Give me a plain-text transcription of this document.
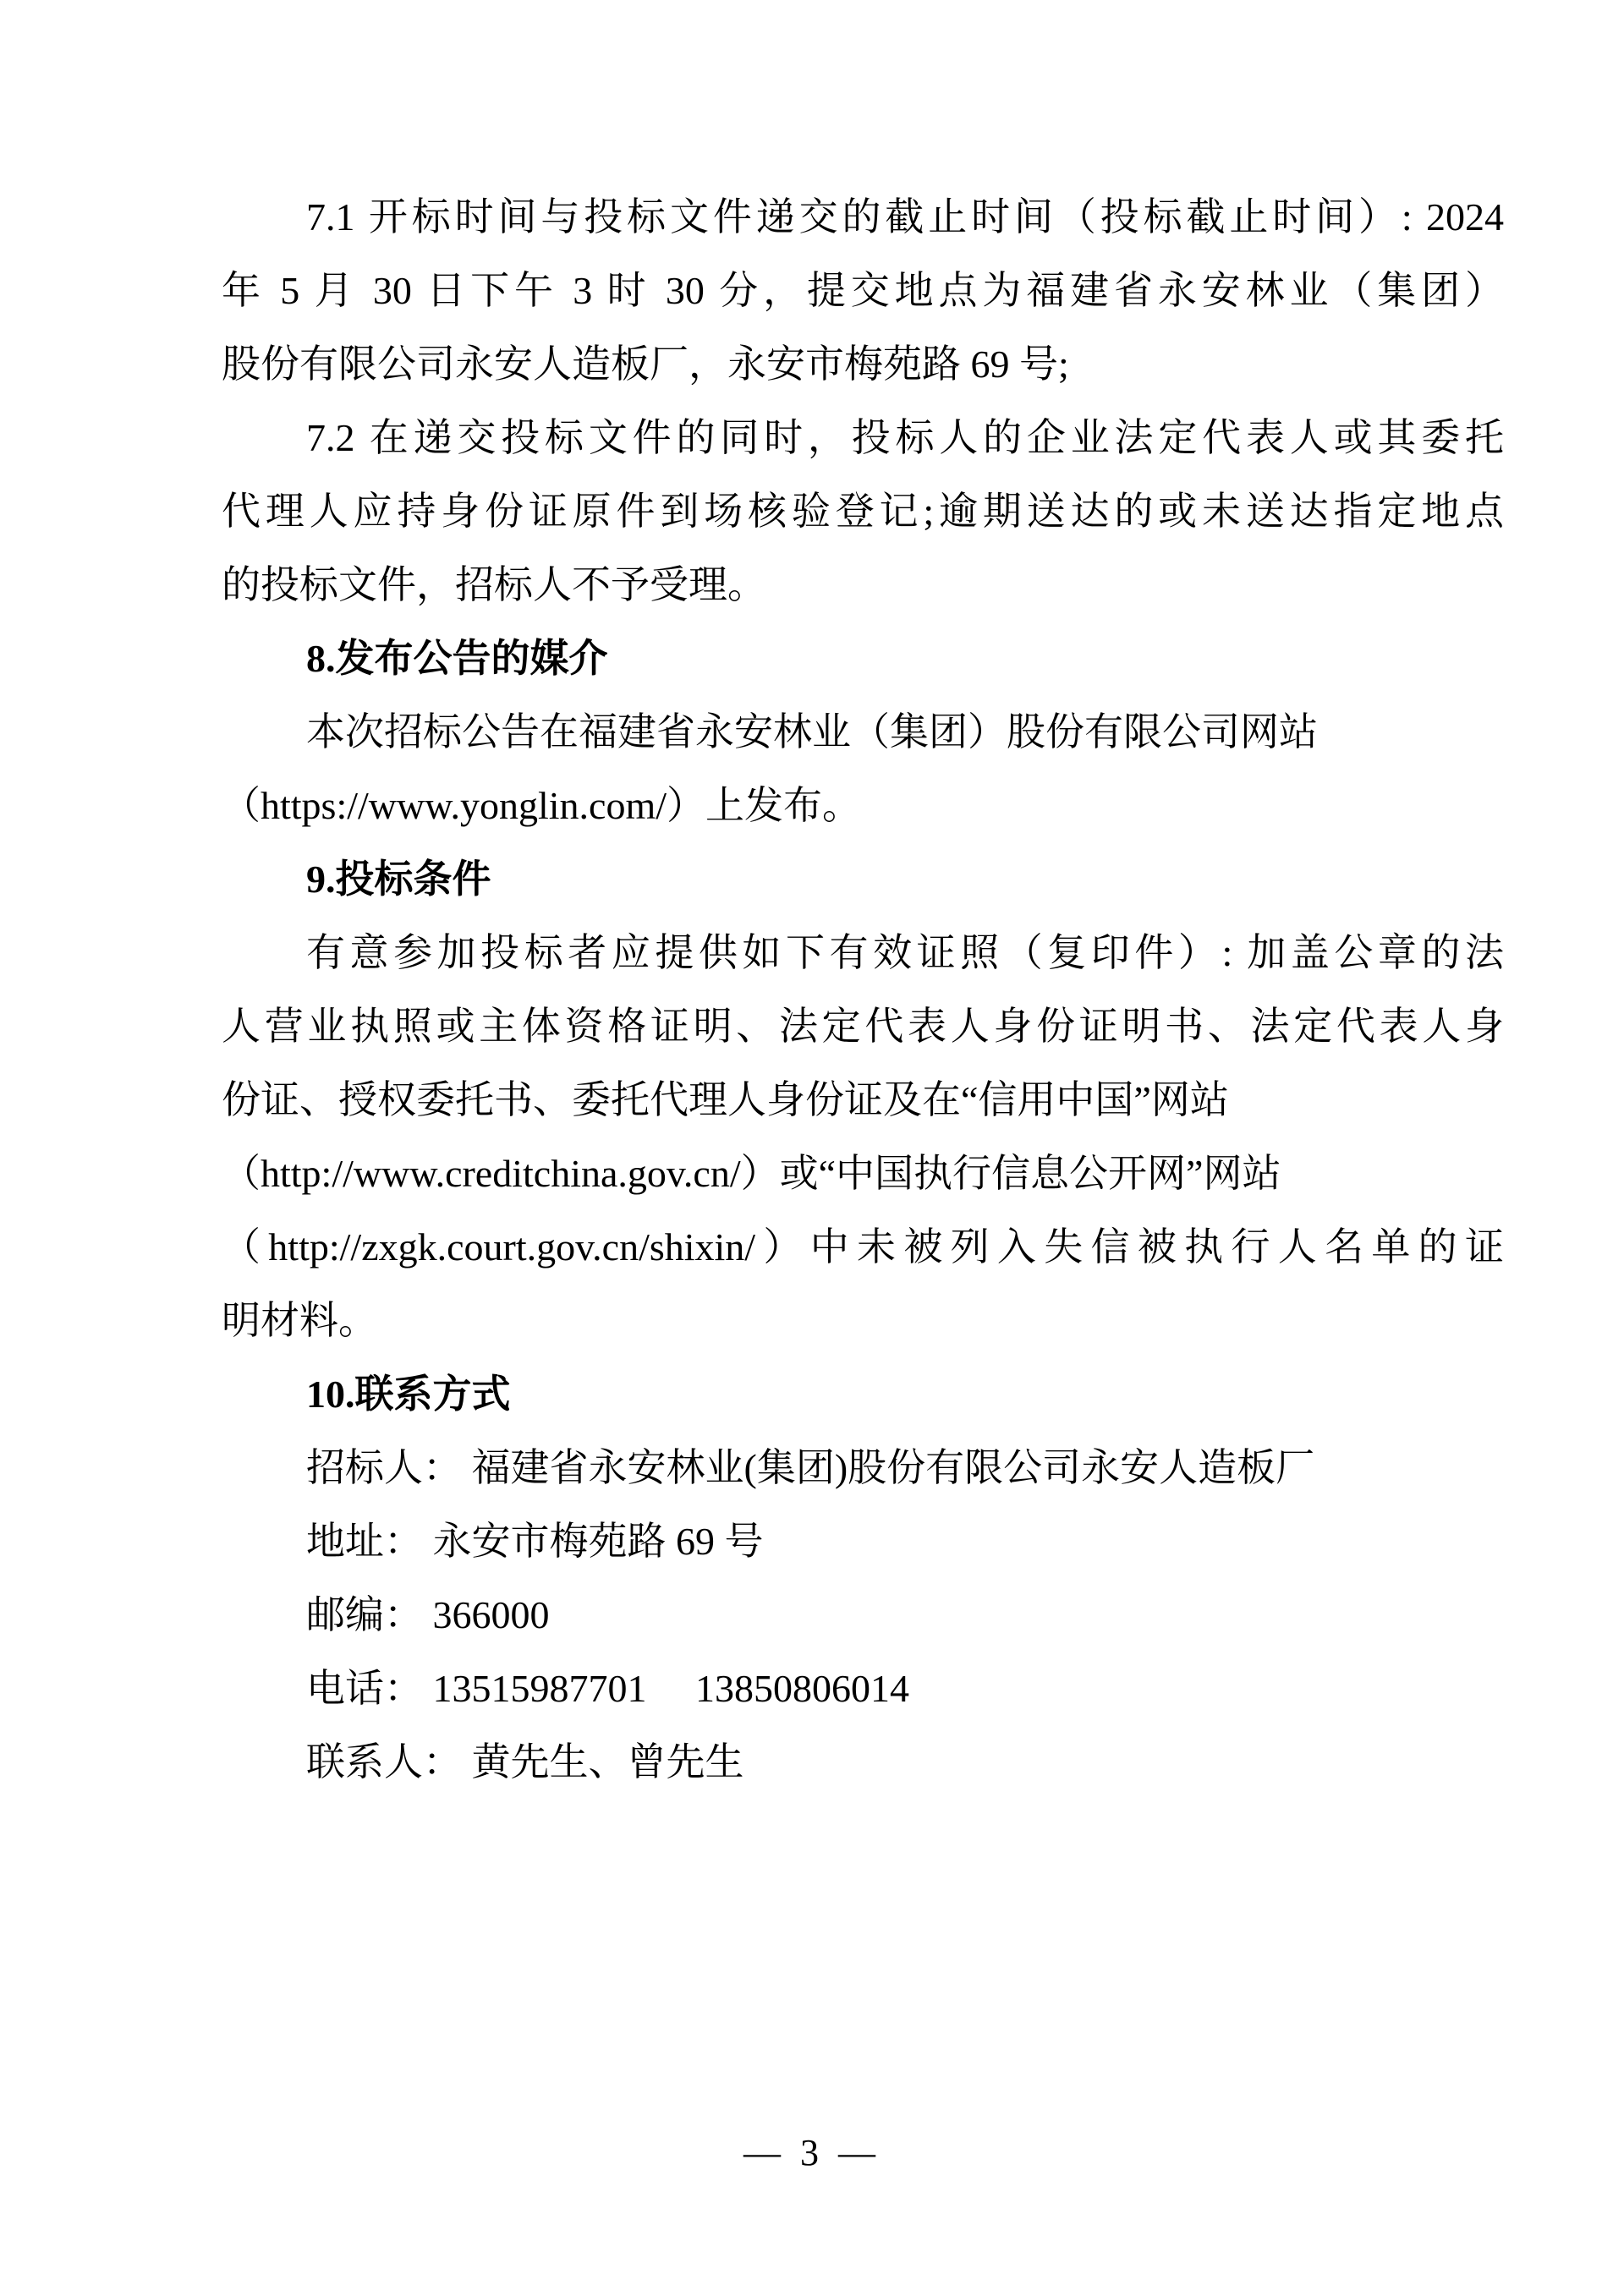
7.1 开标时间与投标文件递交的截止时间（投标截止时间）: 2024
年 5 月 30 日下午 3 时 30 分，提交地点为福建省永安林业（集团）
股份有限公司永安人造板厂，永安市梅苑路 69 号;
7.2 在递交投标文件的同时，投标人的企业法定代表人或其委托
代理人应持身份证原件到场核验登记;逾期送达的或未送达指定地点
的投标文件，招标人不予受理。
8.发布公告的媒介
本次招标公告在福建省永安林业（集团）股份有限公司网站
（https://www.yonglin.com/）上发布。
9.投标条件
有意参加投标者应提供如下有效证照（复印件）: 加盖公章的法
人营业执照或主体资格证明、法定代表人身份证明书、法定代表人身
份证、授权委托书、委托代理人身份证及在“信用中国”网站
（http://www.creditchina.gov.cn/）或“中国执行信息公开网”网站
（http://zxgk.court.gov.cn/shixin/）中未被列入失信被执行人名单的证
明材料。
10.联系方式
招标人： 福建省永安林业(集团)股份有限公司永安人造板厂
地址： 永安市梅苑路 69 号
邮编： 366000
电话： 13515987701　 13850806014
联系人： 黄先生、曾先生
— 3 —
